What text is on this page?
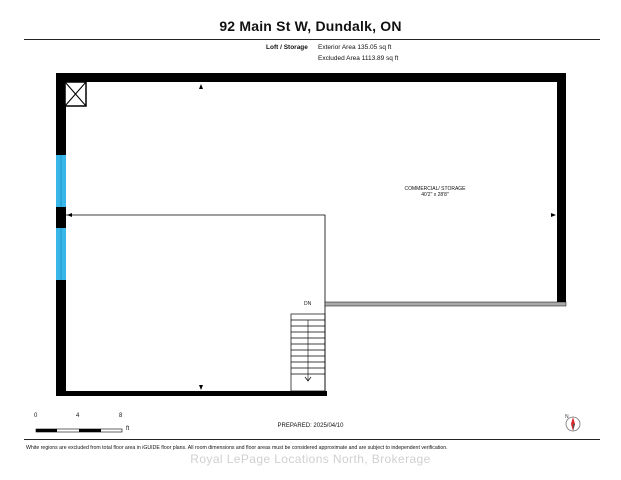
92 Main St W, Dundalk, ON
Loft / Storage Exterior Area 135.05 sq ft
Excluded Area 1113.89 sq ft
COMMERCIAL/ STORAGE
40'2" x 28'8"
DN
0	4	8
ft	PREPARED: 2025/04/10
N
White regions are excluded from total floor area in iGUIDE floor plans. All room dimensions and floor areas must be considered approximate and are subject to independent verification.
Royal LePage Locations North, Brokerage
